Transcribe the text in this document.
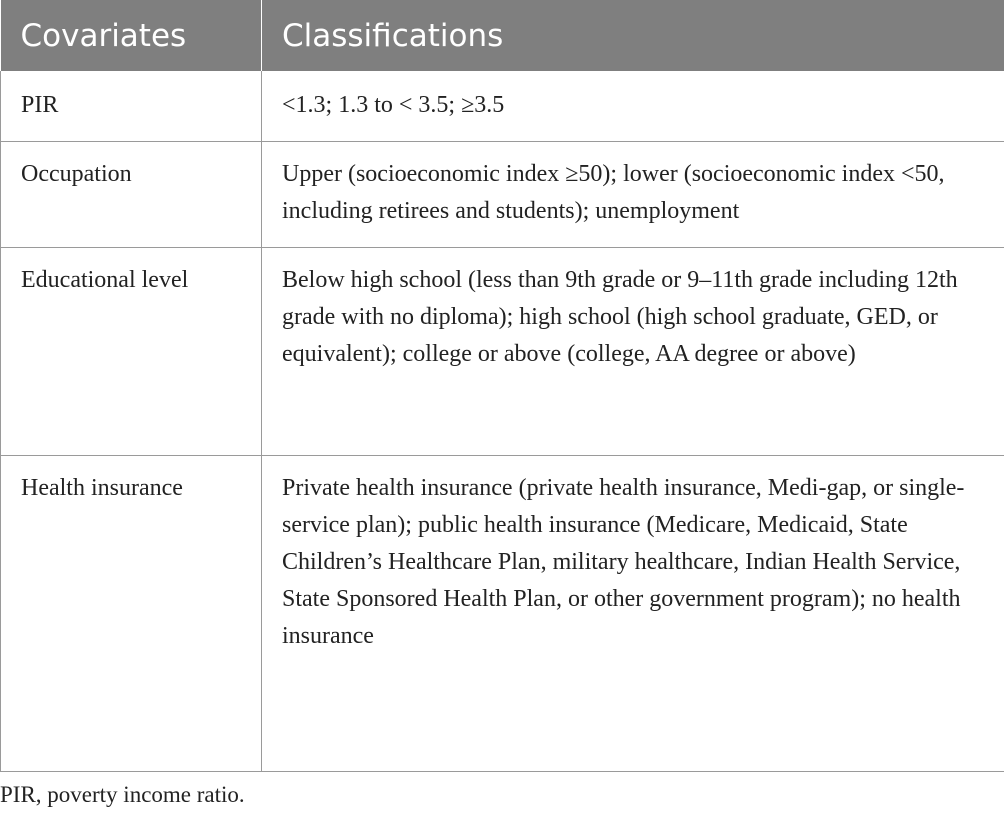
Covariates	Classifications
PIR	<1.3; 1.3 to < 3.5; ≥3.5
Occupation	Upper (socioeconomic index ≥50); lower (socioeconomic index <50, including retirees and students); unemployment
Educational level	Below high school (less than 9th grade or 9–11th grade including 12th grade with no diploma); high school (high school graduate, GED, or equivalent); college or above (college, AA degree or above)
Health insurance	Private health insurance (private health insurance, Medi-gap, or single-service plan); public health insurance (Medicare, Medicaid, State Children’s Healthcare Plan, military healthcare, Indian Health Service, State Sponsored Health Plan, or other government program); no health insurance

PIR, poverty income ratio.
